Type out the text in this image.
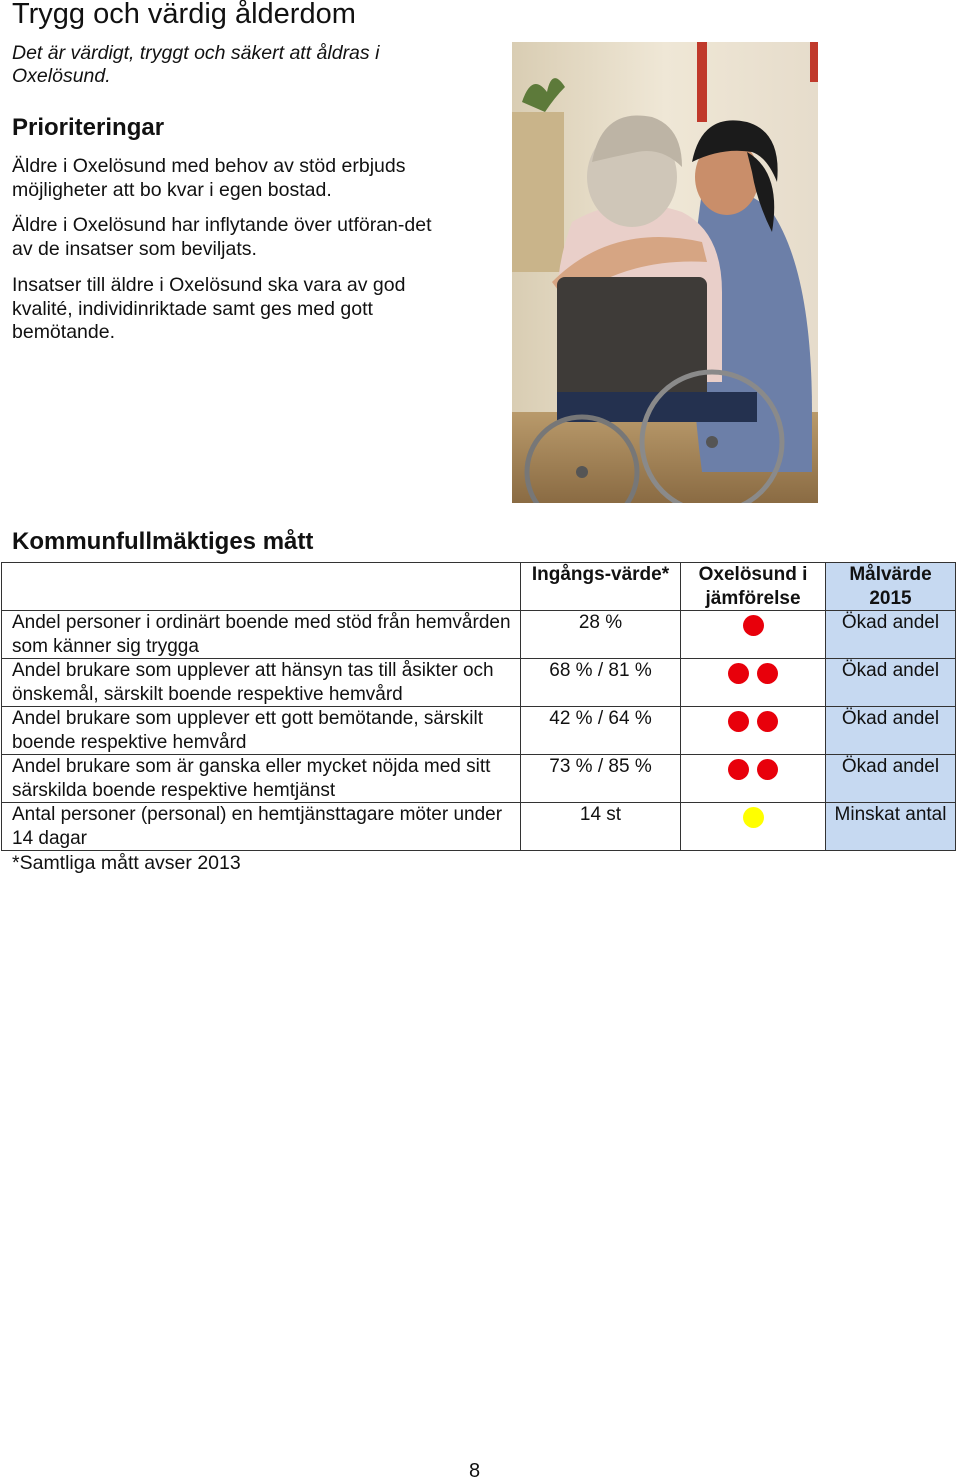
Trygg och värdig ålderdom

Det är värdigt, tryggt och säkert att åldras i Oxelösund.

Prioriteringar

Äldre i Oxelösund med behov av stöd erbjuds möjligheter att bo kvar i egen bostad.

Äldre i Oxelösund har inflytande över utföran-det av de insatser som beviljats.

Insatser till äldre i Oxelösund ska vara av god kvalité, individinriktade samt ges med gott bemötande.

Kommunfullmäktiges mått
	Ingångs-värde*	Oxelösund i jämförelse	Målvärde 2015
Andel personer i ordinärt boende med stöd från hemvården som känner sig trygga	28 %		Ökad andel
Andel brukare som upplever att hänsyn tas till åsikter och önskemål, särskilt boende respektive hemvård	68 % / 81 %		Ökad andel
Andel brukare som upplever ett gott bemötande, särskilt boende respektive hemvård	42 % / 64 %		Ökad andel
Andel brukare som är ganska eller mycket nöjda med sitt särskilda boende respektive hemtjänst	73 % / 85 %		Ökad andel
Antal personer (personal) en hemtjänsttagare möter under 14 dagar	14 st		Minskat antal

*Samtliga mått avser 2013

8
